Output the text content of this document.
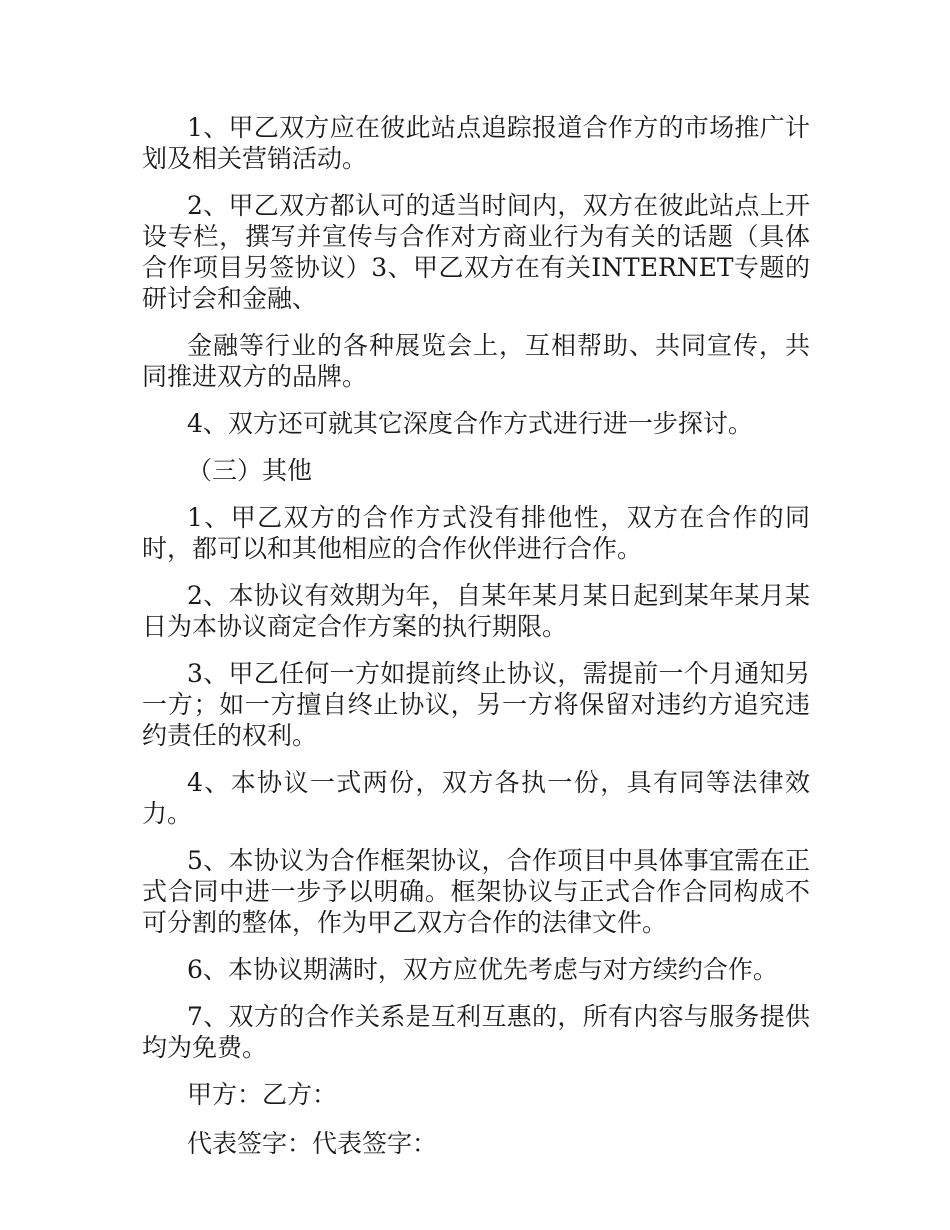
1、甲乙双方应在彼此站点追踪报道合作方的市场推广计划及相关营销活动。

2、甲乙双方都认可的适当时间内，双方在彼此站点上开设专栏，撰写并宣传与合作对方商业行为有关的话题（具体合作项目另签协议）3、甲乙双方在有关INTERNET专题的研讨会和金融、

金融等行业的各种展览会上，互相帮助、共同宣传，共同推进双方的品牌。

4、双方还可就其它深度合作方式进行进一步探讨。

（三）其他

1、甲乙双方的合作方式没有排他性，双方在合作的同时，都可以和其他相应的合作伙伴进行合作。

2、本协议有效期为年，自某年某月某日起到某年某月某日为本协议商定合作方案的执行期限。

3、甲乙任何一方如提前终止协议，需提前一个月通知另一方；如一方擅自终止协议，另一方将保留对违约方追究违约责任的权利。

4、本协议一式两份，双方各执一份，具有同等法律效力。

5、本协议为合作框架协议，合作项目中具体事宜需在正式合同中进一步予以明确。框架协议与正式合作合同构成不可分割的整体，作为甲乙双方合作的法律文件。

6、本协议期满时，双方应优先考虑与对方续约合作。

7、双方的合作关系是互利互惠的，所有内容与服务提供均为免费。

甲方：乙方：

代表签字：代表签字：
